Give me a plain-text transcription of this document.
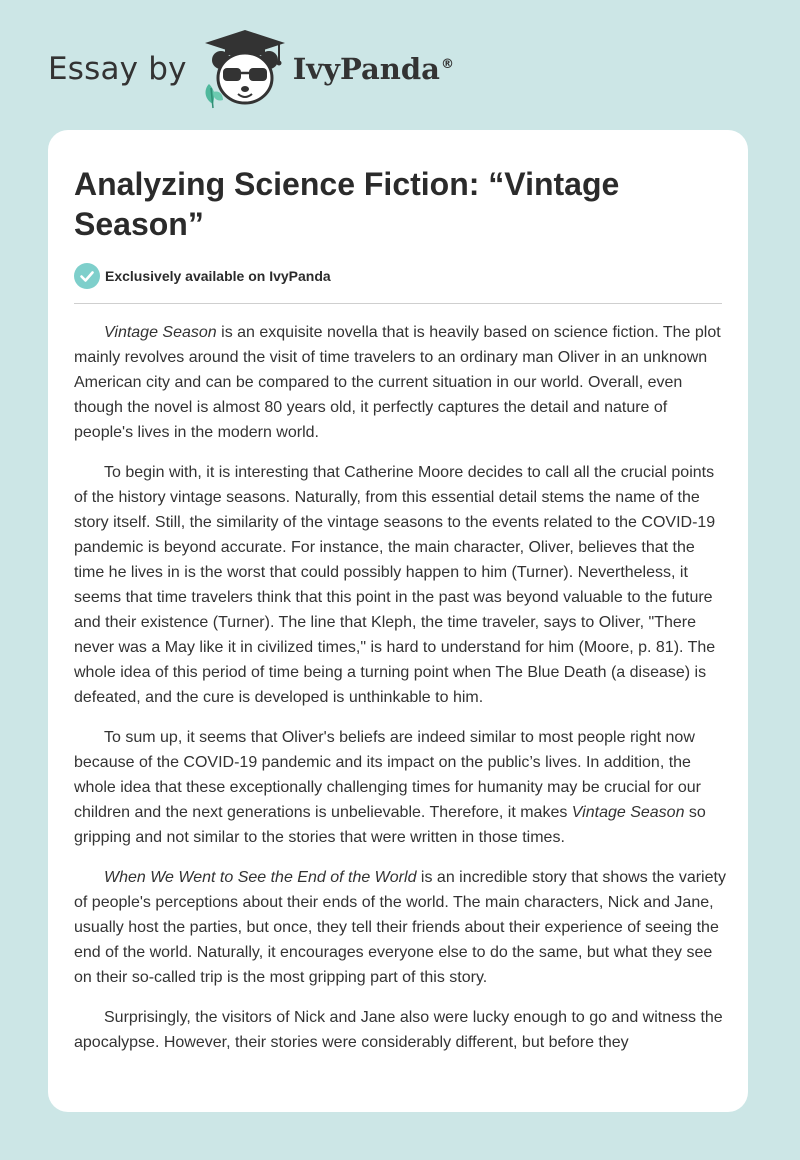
Essay by	IvyPanda®
Analyzing Science Fiction: “Vintage Season”
Exclusively available on IvyPanda

Vintage Season is an exquisite novella that is heavily based on science fiction. The plot mainly revolves around the visit of time travelers to an ordinary man Oliver in an unknown American city and can be compared to the current situation in our world. Overall, even though the novel is almost 80 years old, it perfectly captures the detail and nature of people's lives in the modern world.

To begin with, it is interesting that Catherine Moore decides to call all the crucial points of the history vintage seasons. Naturally, from this essential detail stems the name of the story itself. Still, the similarity of the vintage seasons to the events related to the COVID-19 pandemic is beyond accurate. For instance, the main character, Oliver, believes that the time he lives in is the worst that could possibly happen to him (Turner). Nevertheless, it seems that time travelers think that this point in the past was beyond valuable to the future and their existence (Turner). The line that Kleph, the time traveler, says to Oliver, "There never was a May like it in civilized times," is hard to understand for him (Moore, p. 81). The whole idea of this period of time being a turning point when The Blue Death (a disease) is defeated, and the cure is developed is unthinkable to him.

To sum up, it seems that Oliver's beliefs are indeed similar to most people right now because of the COVID-19 pandemic and its impact on the public’s lives. In addition, the whole idea that these exceptionally challenging times for humanity may be crucial for our children and the next generations is unbelievable. Therefore, it makes Vintage Season so gripping and not similar to the stories that were written in those times.

When We Went to See the End of the World is an incredible story that shows the variety of people's perceptions about their ends of the world. The main characters, Nick and Jane, usually host the parties, but once, they tell their friends about their experience of seeing the end of the world. Naturally, it encourages everyone else to do the same, but what they see on their so-called trip is the most gripping part of this story.

Surprisingly, the visitors of Nick and Jane also were lucky enough to go and witness the apocalypse. However, their stories were considerably different, but before they
